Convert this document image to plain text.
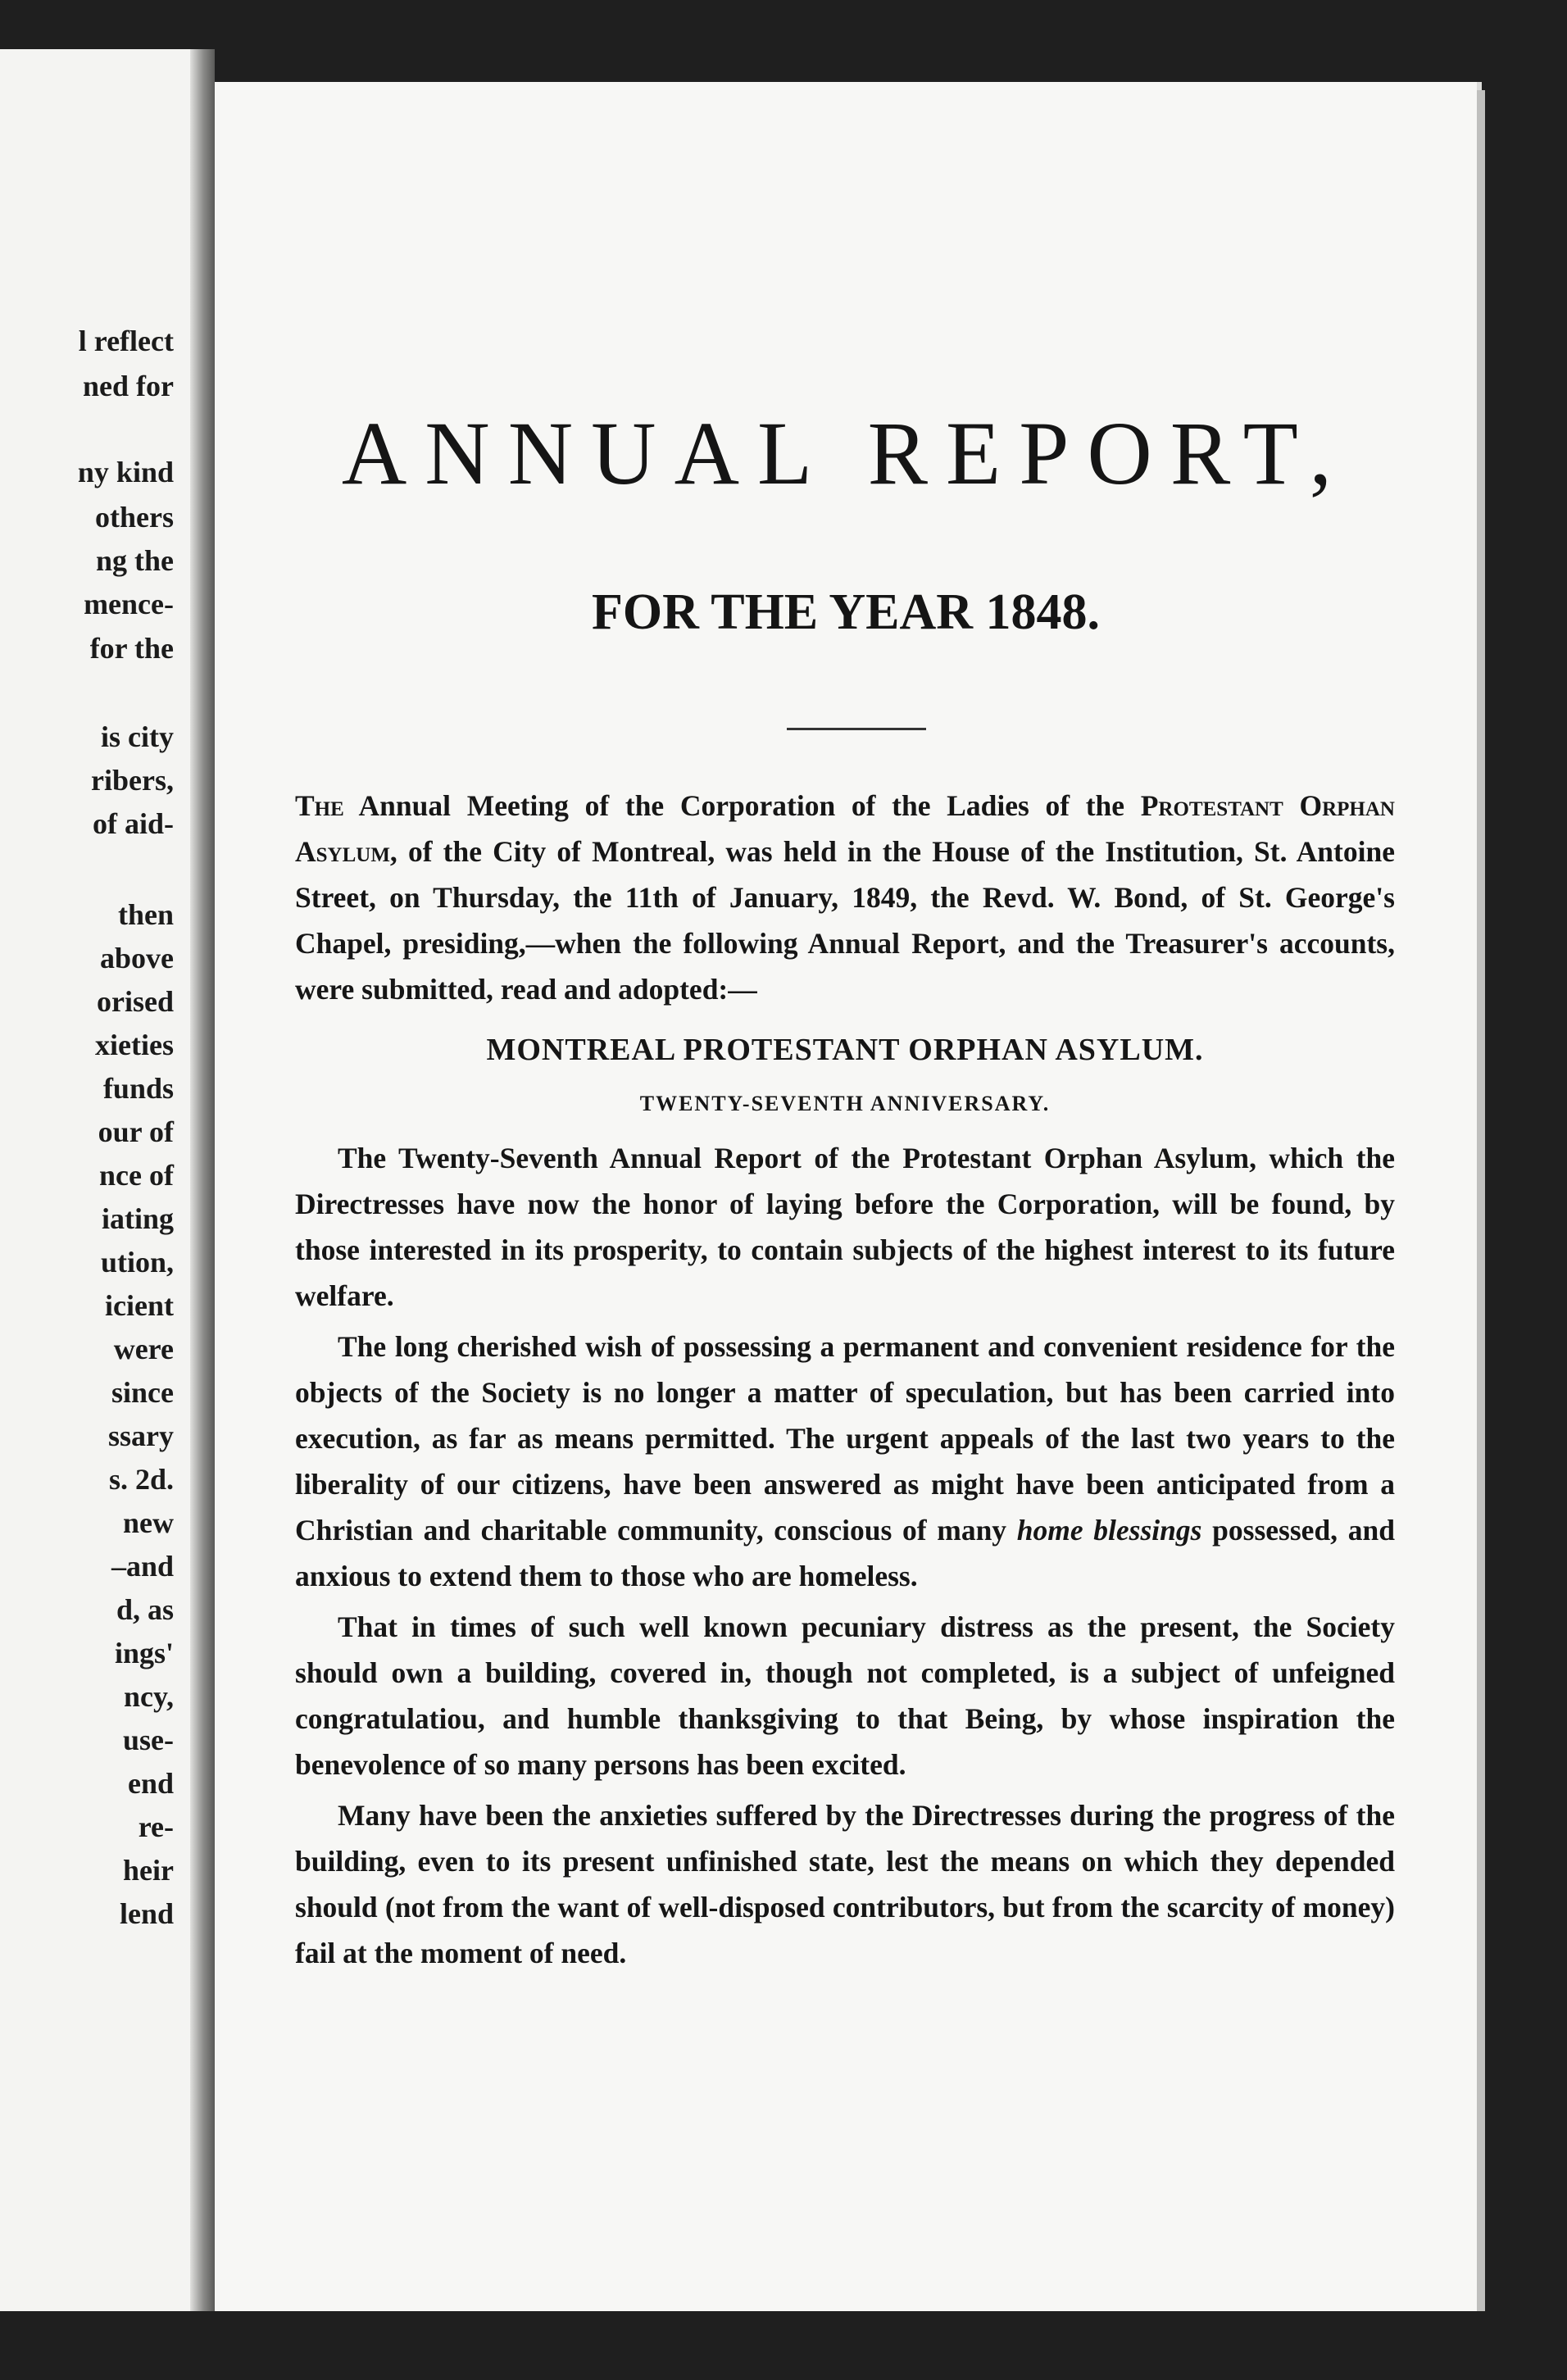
l reflect
ned for
ny kind
others
ng the
mence-
for the
is city
ribers,
of aid-
then
above
orised
xieties
funds
our of
nce of
iating
ution,
icient
were
since
ssary
s. 2d.
new
–and
d, as
ings'
ncy,
use-
end
re-
heir
lend
ANNUAL REPORT,
FOR THE YEAR 1848.

The Annual Meeting of the Corporation of the Ladies of the Protestant Orphan Asylum, of the City of Montreal, was held in the House of the Institution, St. Antoine Street, on Thursday, the 11th of January, 1849, the Revd. W. Bond, of St. George's Chapel, presiding,—when the following Annual Report, and the Treasurer's accounts, were submitted, read and adopted:—

MONTREAL PROTESTANT ORPHAN ASYLUM.

TWENTY-SEVENTH ANNIVERSARY.

The Twenty-Seventh Annual Report of the Protestant Orphan Asylum, which the Directresses have now the honor of laying before the Corporation, will be found, by those interested in its prosperity, to contain subjects of the highest interest to its future welfare.

The long cherished wish of possessing a permanent and convenient residence for the objects of the Society is no longer a matter of speculation, but has been carried into execution, as far as means permitted. The urgent appeals of the last two years to the liberality of our citizens, have been answered as might have been anticipated from a Christian and charitable community, conscious of many home blessings possessed, and anxious to extend them to those who are homeless.

That in times of such well known pecuniary distress as the present, the Society should own a building, covered in, though not completed, is a subject of unfeigned congratulatiou, and humble thanksgiving to that Being, by whose inspiration the benevolence of so many persons has been excited.

Many have been the anxieties suffered by the Directresses during the progress of the building, even to its present unfinished state, lest the means on which they depended should (not from the want of well-disposed contributors, but from the scarcity of money) fail at the moment of need.
